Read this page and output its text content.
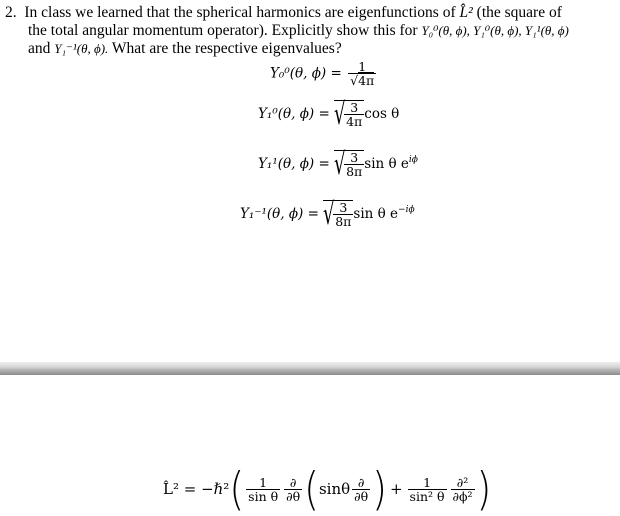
2. In class we learned that the spherical harmonics are eigenfunctions of L̂² (the square of
the total angular momentum operator). Explicitly show this for Y₀⁰(θ, ϕ), Y₁⁰(θ, ϕ), Y₁¹(θ, ϕ)
and Y₁⁻¹(θ, ϕ). What are the respective eigenvalues?
Y₀⁰(θ, $\phi) = \frac{1}{√4\pi}$
Y₁⁰(θ, ϕ) = √
$\frac{3}{4\pi}$ cos θ
Y₁¹(θ, ϕ) = √
$\frac{3}{8\pi}$ sin θ $e^{i\phi}$
Y₁⁻¹(θ, ϕ) = √
$\frac{3}{8\pi}$ sin θ $e^{-i\phi}$
L̂² = −ℏ²( $\frac{1}{\text{sin θ}} \frac{\partial}{\partial\theta} (\sin\theta \frac{\partial}{\partial\theta}$ ) + $\frac{1}{\text{sin² θ}} \frac{\text{∂²}}{\text{∂ϕ²}}$ )
